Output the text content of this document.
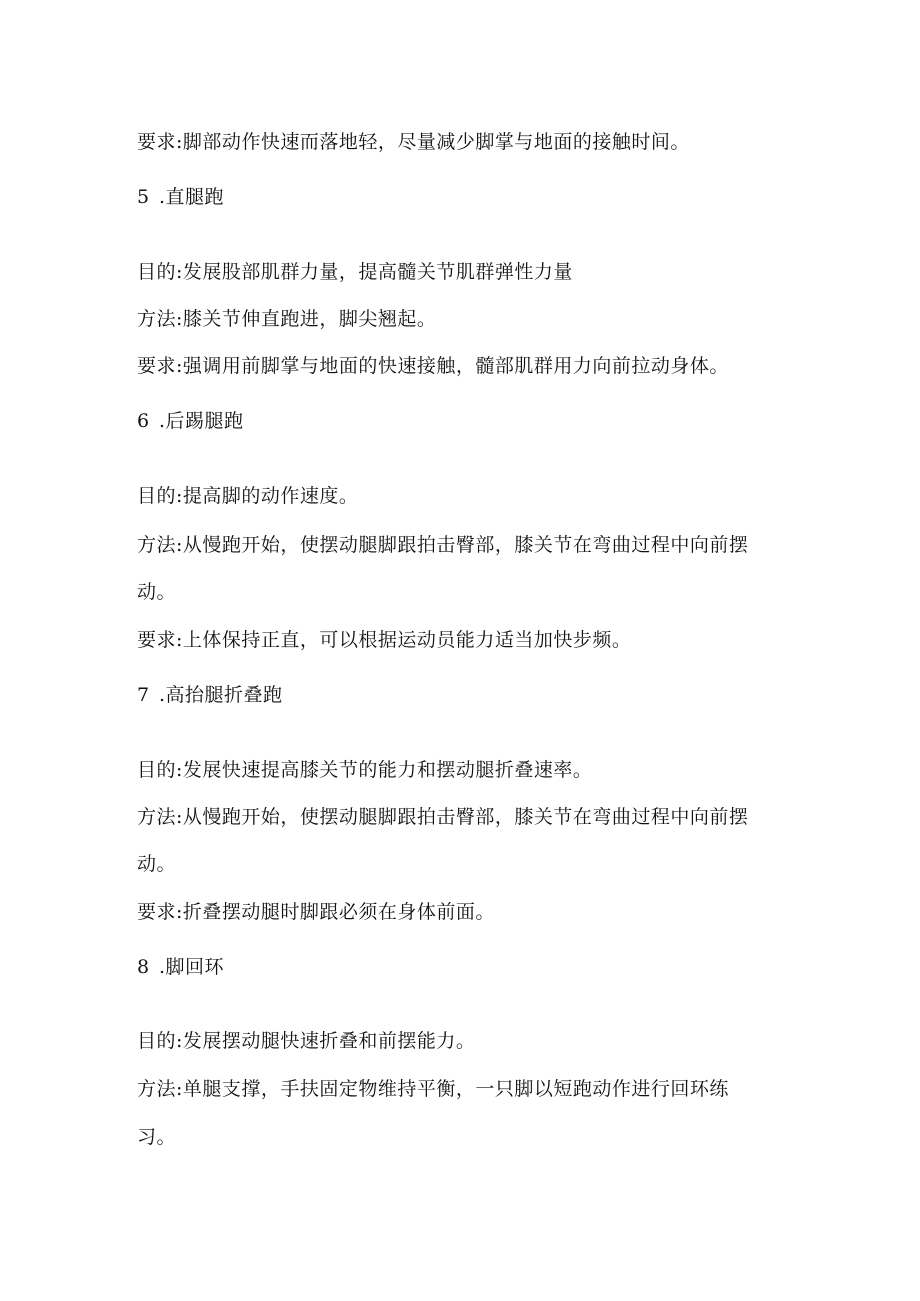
要求:脚部动作快速而落地轻，尽量减少脚掌与地面的接触时间。
5 .直腿跑
目的:发展股部肌群力量，提高髓关节肌群弹性力量
方法:膝关节伸直跑进，脚尖翘起。
要求:强调用前脚掌与地面的快速接触，髓部肌群用力向前拉动身体。
6 .后踢腿跑
目的:提高脚的动作速度。
方法:从慢跑开始，使摆动腿脚跟拍击臀部，膝关节在弯曲过程中向前摆
动。
要求:上体保持正直，可以根据运动员能力适当加快步频。
7 .高抬腿折叠跑
目的:发展快速提高膝关节的能力和摆动腿折叠速率。
方法:从慢跑开始，使摆动腿脚跟拍击臀部，膝关节在弯曲过程中向前摆
动。
要求:折叠摆动腿时脚跟必须在身体前面。
8 .脚回环
目的:发展摆动腿快速折叠和前摆能力。
方法:单腿支撑，手扶固定物维持平衡，一只脚以短跑动作进行回环练
习。
